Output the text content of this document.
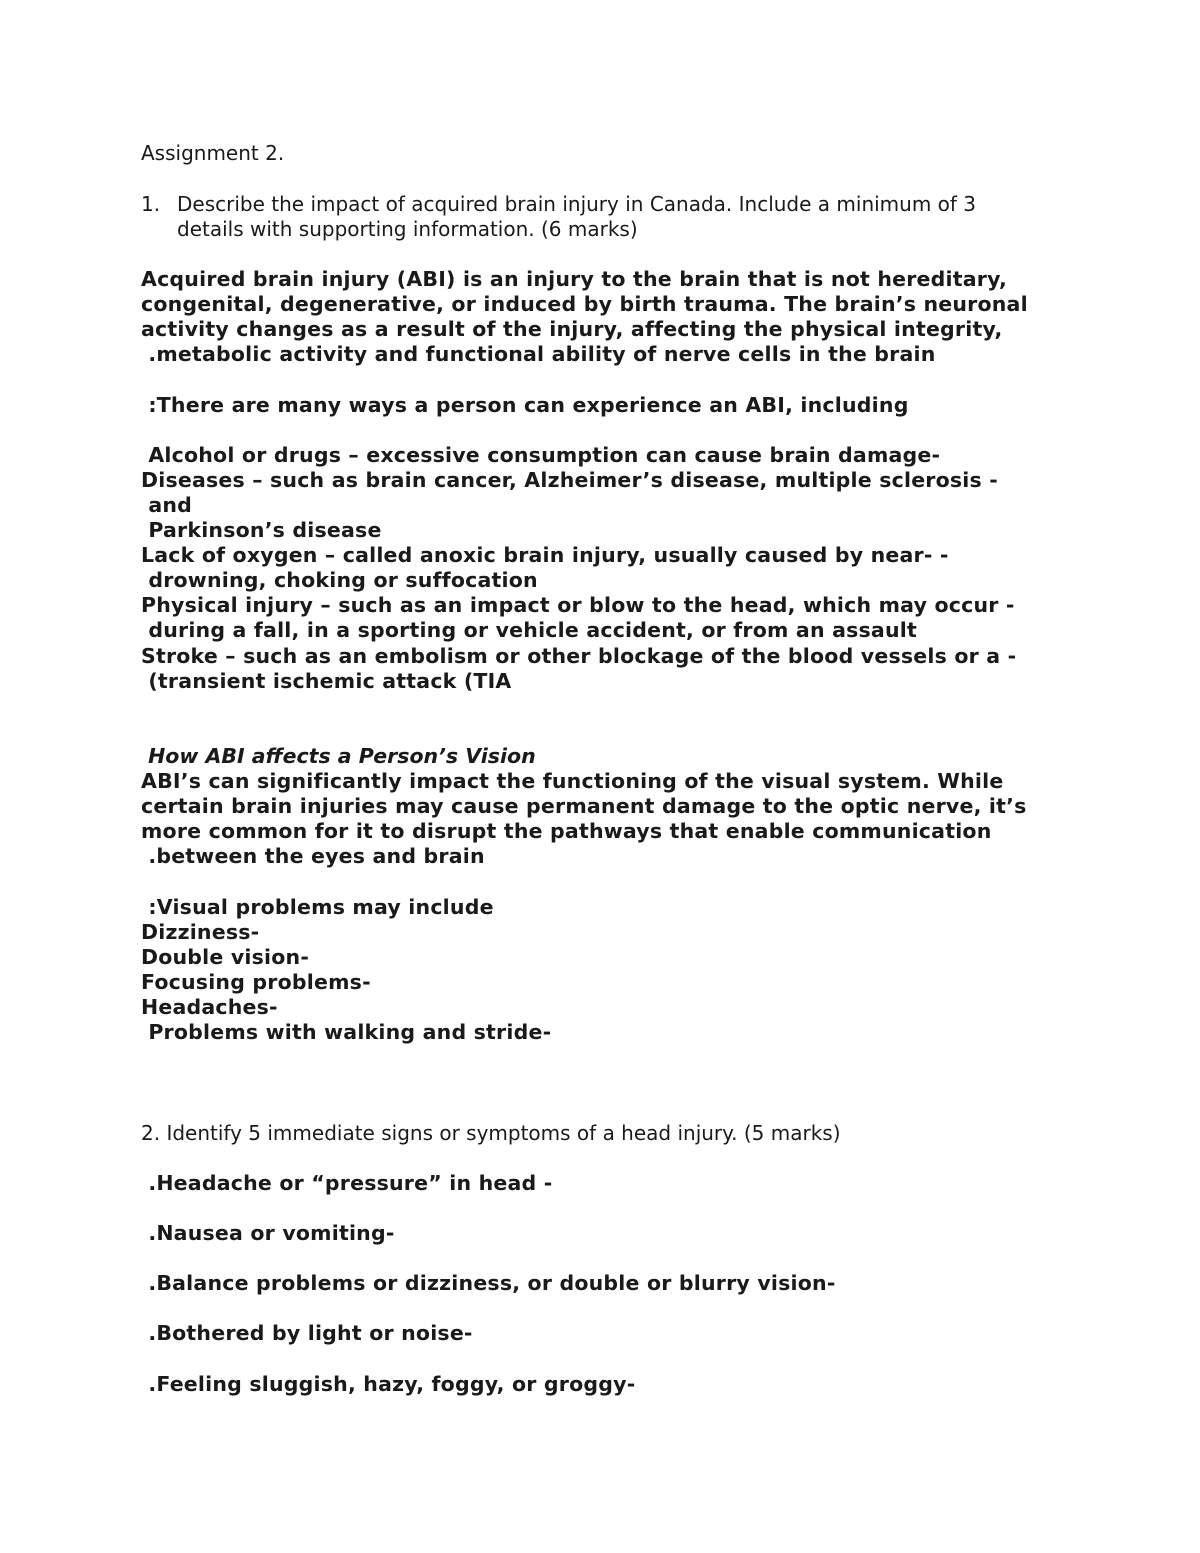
Assignment 2.
1. Describe the impact of acquired brain injury in Canada. Include a minimum of 3
details with supporting information. (6 marks)
Acquired brain injury (ABI) is an injury to the brain that is not hereditary,
congenital, degenerative, or induced by birth trauma. The brain’s neuronal
activity changes as a result of the injury, affecting the physical integrity,
.metabolic activity and functional ability of nerve cells in the brain
:There are many ways a person can experience an ABI, including
Alcohol or drugs – excessive consumption can cause brain damage-
Diseases – such as brain cancer, Alzheimer’s disease, multiple sclerosis -
and
Parkinson’s disease
Lack of oxygen – called anoxic brain injury, usually caused by near- -
drowning, choking or suffocation
Physical injury – such as an impact or blow to the head, which may occur -
during a fall, in a sporting or vehicle accident, or from an assault
Stroke – such as an embolism or other blockage of the blood vessels or a -
(transient ischemic attack (TIA
How ABI affects a Person’s Vision
ABI’s can significantly impact the functioning of the visual system. While
certain brain injuries may cause permanent damage to the optic nerve, it’s
more common for it to disrupt the pathways that enable communication
.between the eyes and brain
:Visual problems may include
Dizziness-
Double vision-
Focusing problems-
Headaches-
Problems with walking and stride-
2. Identify 5 immediate signs or symptoms of a head injury. (5 marks)
.Headache or “pressure” in head -
.Nausea or vomiting-
.Balance problems or dizziness, or double or blurry vision-
.Bothered by light or noise-
.Feeling sluggish, hazy, foggy, or groggy-
